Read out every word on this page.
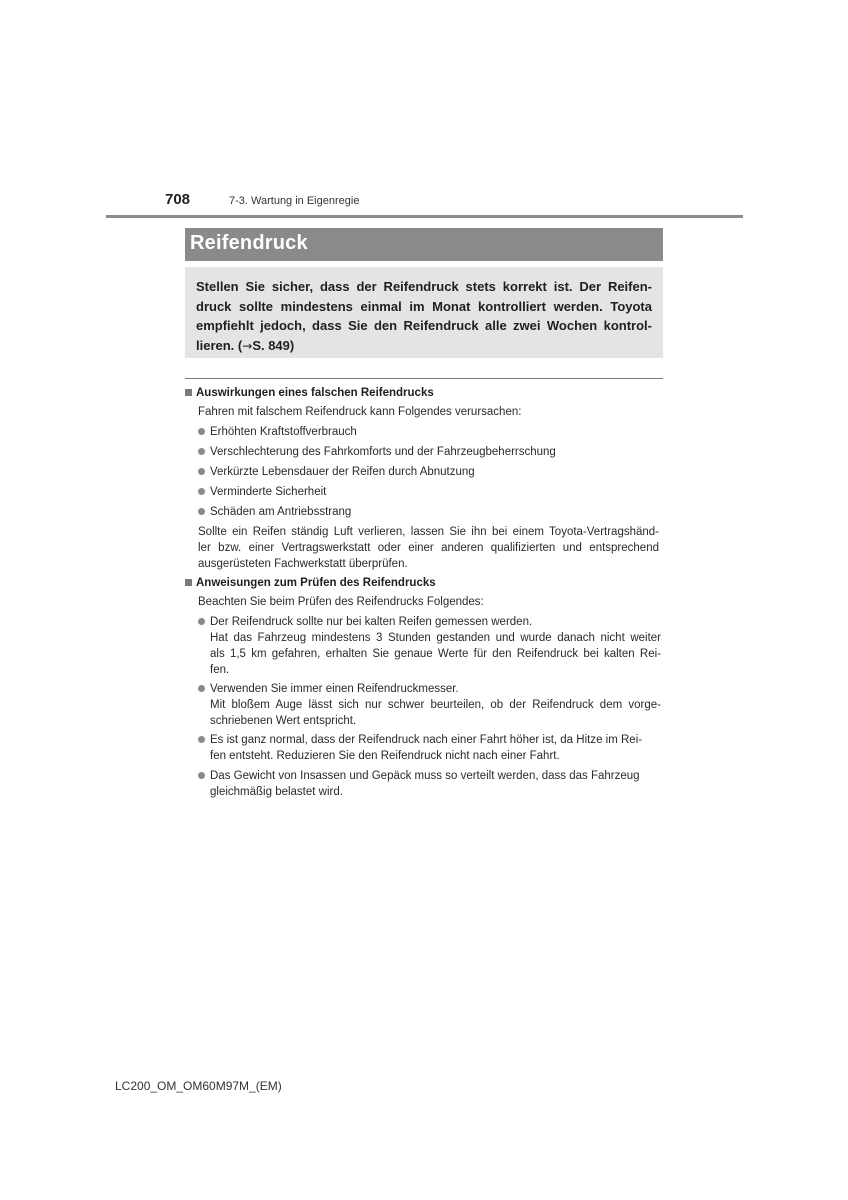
708	7-3. Wartung in Eigenregie
Reifendruck

Stellen Sie sicher, dass der Reifendruck stets korrekt ist. Der Reifen-druck sollte mindestens einmal im Monat kontrolliert werden. Toyota empfiehlt jedoch, dass Sie den Reifendruck alle zwei Wochen kontrol-lieren. (→S. 849)

Auswirkungen eines falschen Reifendrucks
Fahren mit falschem Reifendruck kann Folgendes verursachen:
Erhöhten Kraftstoffverbrauch
Verschlechterung des Fahrkomforts und der Fahrzeugbeherrschung
Verkürzte Lebensdauer der Reifen durch Abnutzung
Verminderte Sicherheit
Schäden am Antriebsstrang
Sollte ein Reifen ständig Luft verlieren, lassen Sie ihn bei einem Toyota-Vertragshänd-
ler bzw. einer Vertragswerkstatt oder einer anderen qualifizierten und entsprechend
ausgerüsteten Fachwerkstatt überprüfen.
Anweisungen zum Prüfen des Reifendrucks
Beachten Sie beim Prüfen des Reifendrucks Folgendes:
Der Reifendruck sollte nur bei kalten Reifen gemessen werden.
Hat das Fahrzeug mindestens 3 Stunden gestanden und wurde danach nicht weiter
als 1,5 km gefahren, erhalten Sie genaue Werte für den Reifendruck bei kalten Rei-
fen.
Verwenden Sie immer einen Reifendruckmesser.
Mit bloßem Auge lässt sich nur schwer beurteilen, ob der Reifendruck dem vorge-
schriebenen Wert entspricht.
Es ist ganz normal, dass der Reifendruck nach einer Fahrt höher ist, da Hitze im Rei-
fen entsteht. Reduzieren Sie den Reifendruck nicht nach einer Fahrt.
Das Gewicht von Insassen und Gepäck muss so verteilt werden, dass das Fahrzeug
gleichmäßig belastet wird.
LC200_OM_OM60M97M_(EM)
